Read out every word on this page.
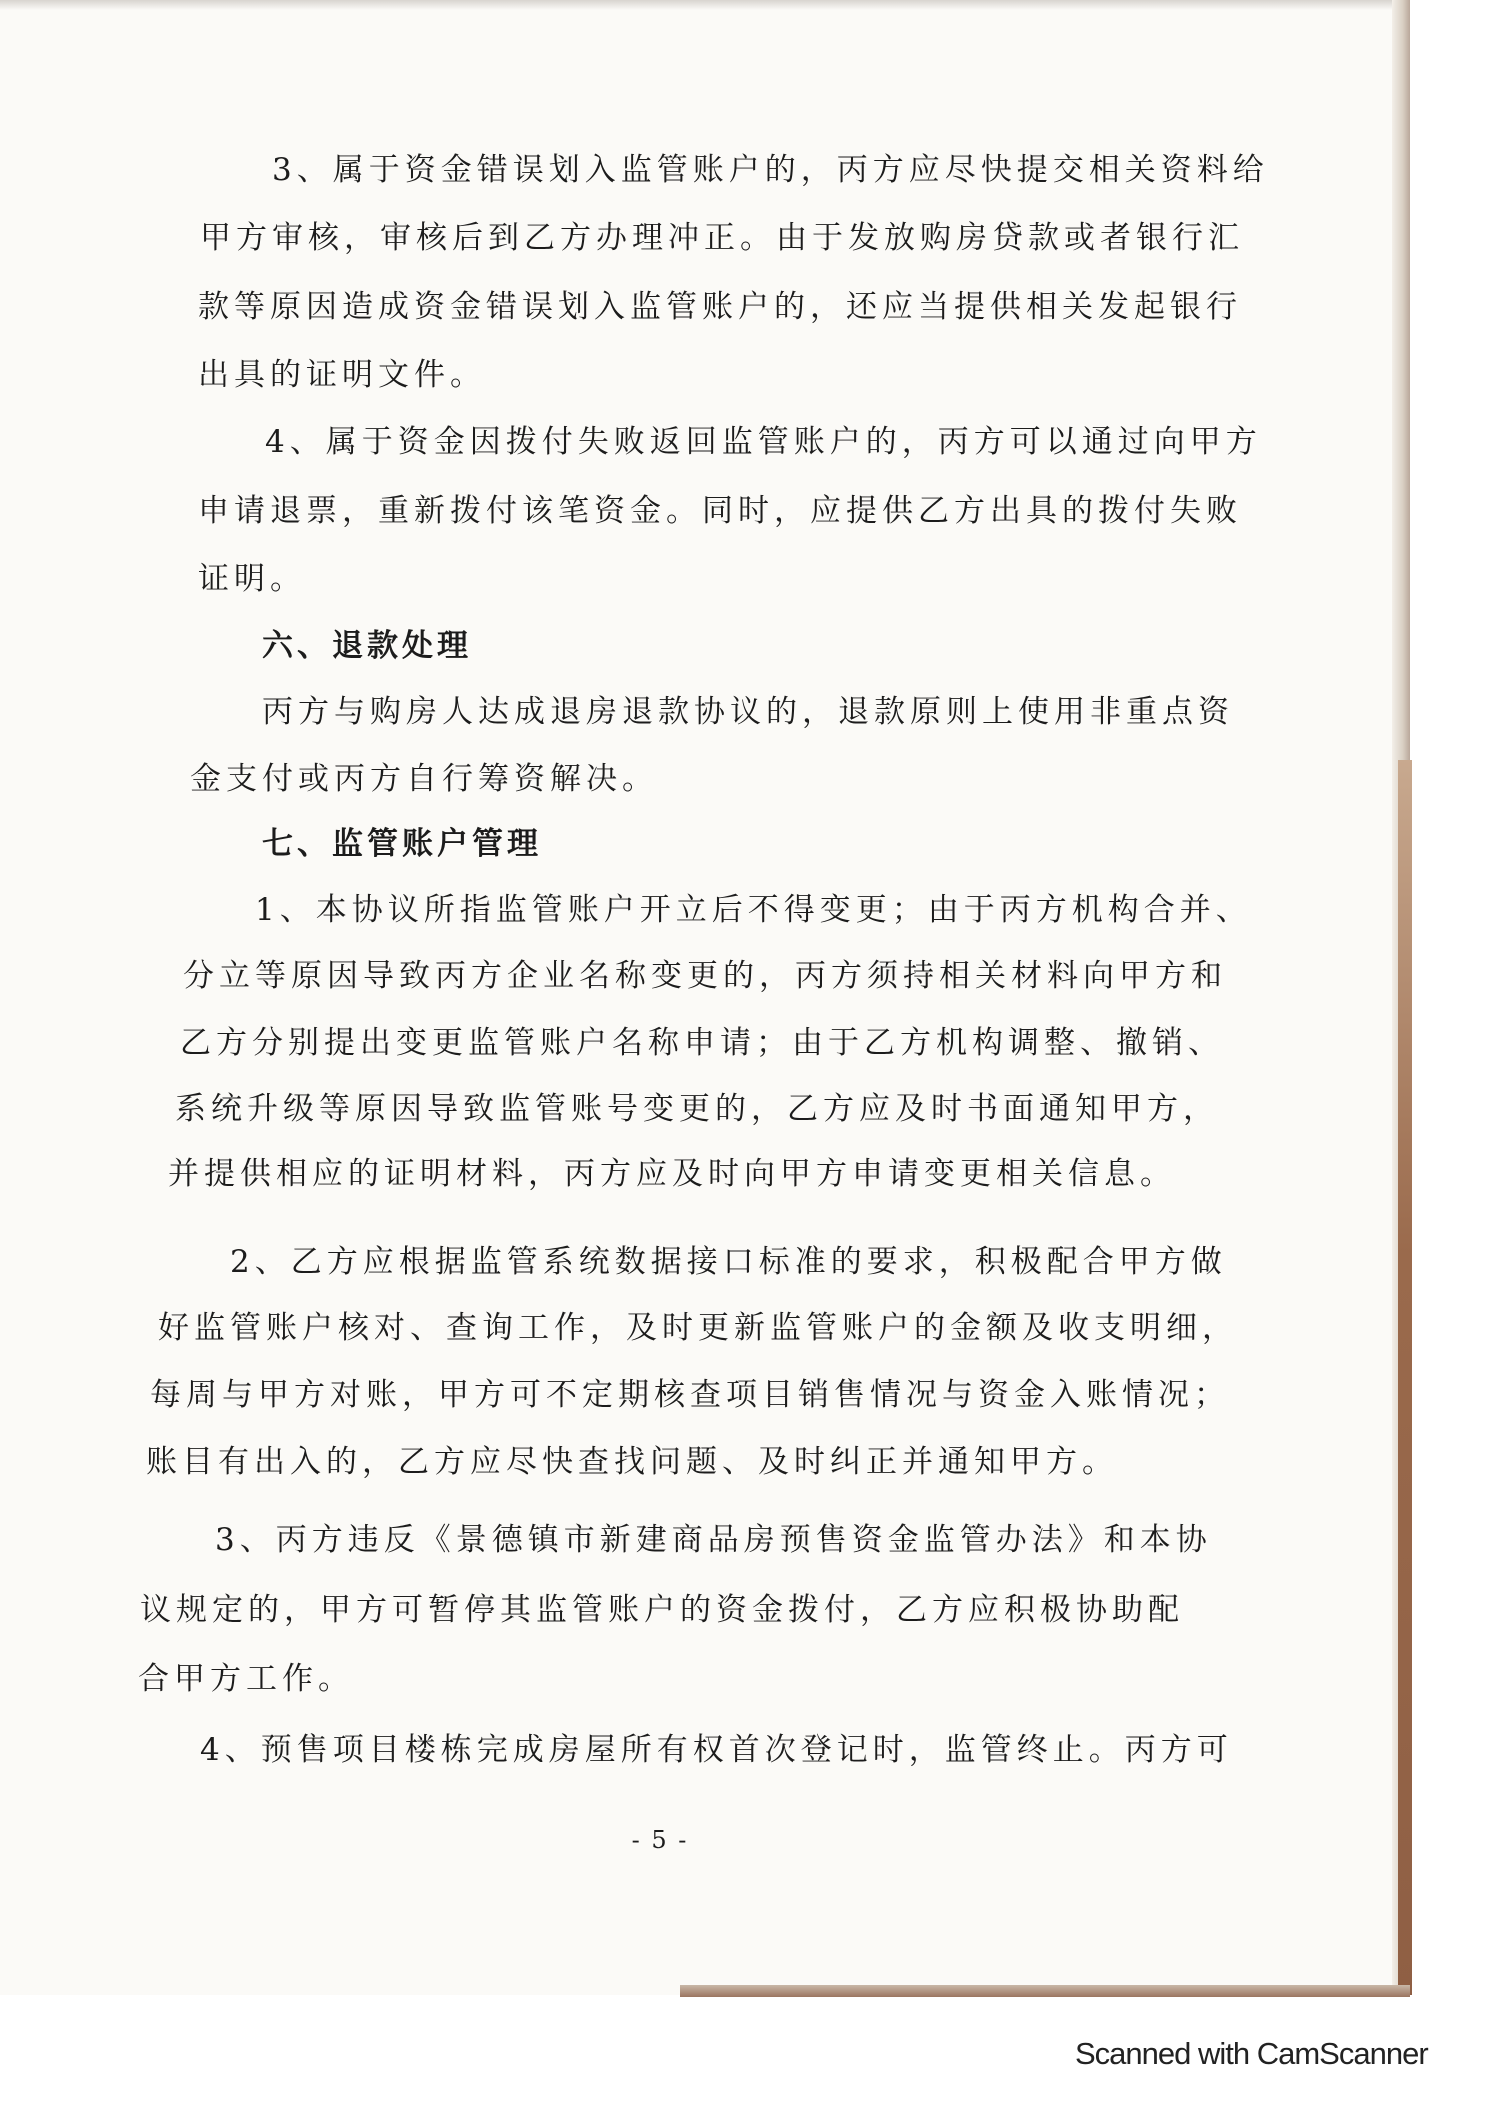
3、属于资金错误划入监管账户的，丙方应尽快提交相关资料给

甲方审核，审核后到乙方办理冲正。由于发放购房贷款或者银行汇

款等原因造成资金错误划入监管账户的，还应当提供相关发起银行

出具的证明文件。

4、属于资金因拨付失败返回监管账户的，丙方可以通过向甲方

申请退票，重新拨付该笔资金。同时，应提供乙方出具的拨付失败

证明。

六、退款处理

丙方与购房人达成退房退款协议的，退款原则上使用非重点资

金支付或丙方自行筹资解决。

七、监管账户管理

1、本协议所指监管账户开立后不得变更；由于丙方机构合并、

分立等原因导致丙方企业名称变更的，丙方须持相关材料向甲方和

乙方分别提出变更监管账户名称申请；由于乙方机构调整、撤销、

系统升级等原因导致监管账号变更的，乙方应及时书面通知甲方，

并提供相应的证明材料，丙方应及时向甲方申请变更相关信息。

2、乙方应根据监管系统数据接口标准的要求，积极配合甲方做

好监管账户核对、查询工作，及时更新监管账户的金额及收支明细，

每周与甲方对账，甲方可不定期核查项目销售情况与资金入账情况；

账目有出入的，乙方应尽快查找问题、及时纠正并通知甲方。

3、丙方违反《景德镇市新建商品房预售资金监管办法》和本协

议规定的，甲方可暂停其监管账户的资金拨付，乙方应积极协助配

合甲方工作。

4、预售项目楼栋完成房屋所有权首次登记时，监管终止。丙方可

- 5 -
Scanned with CamScanner
